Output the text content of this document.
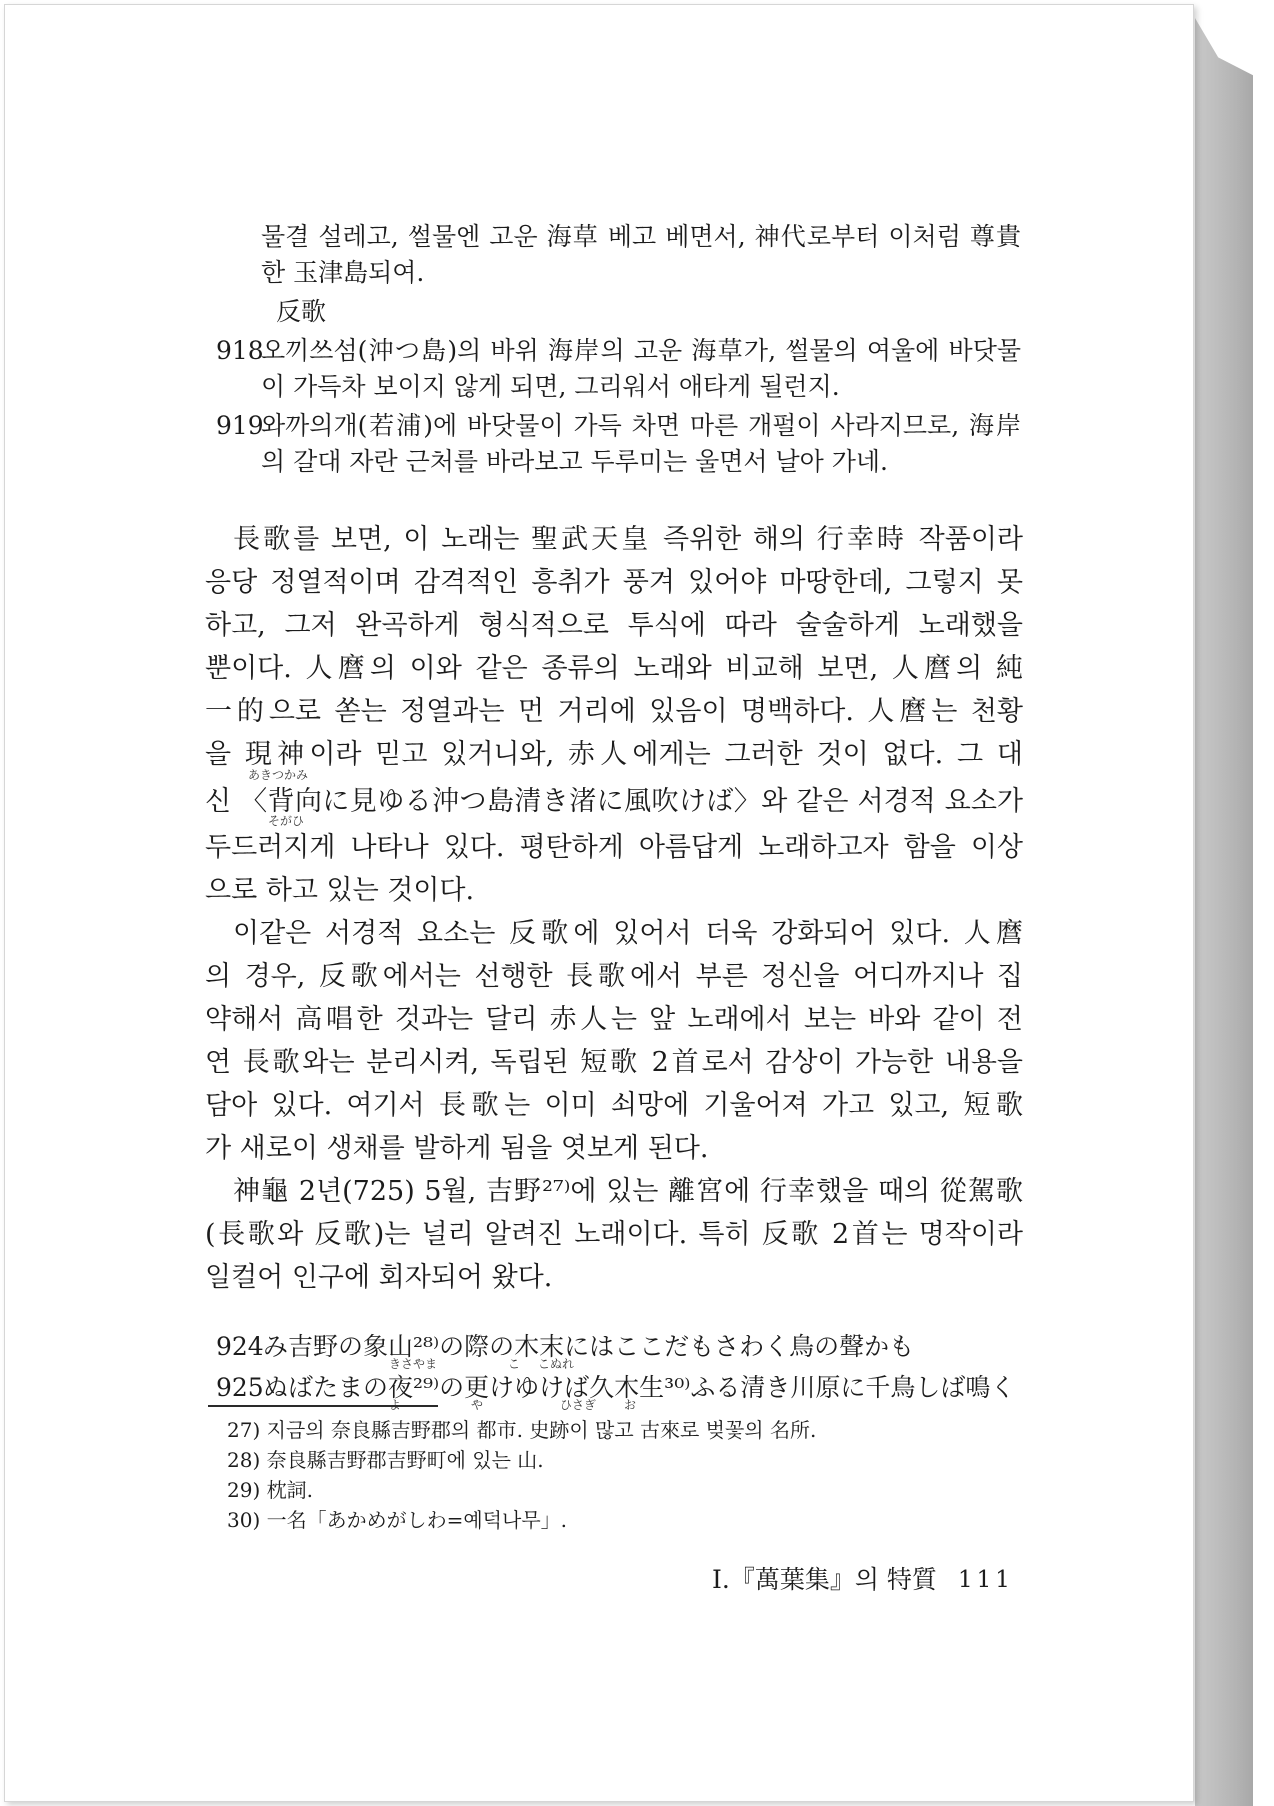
물결 설레고, 썰물엔 고운 海草 베고 베면서, 神代로부터 이처럼 尊貴
한 玉津島되여.
反歌
918
오끼쓰섬(沖つ島)의 바위 海岸의 고운 海草가, 썰물의 여울에 바닷물
이 가득차 보이지 않게 되면, 그리워서 애타게 될런지.
919
와까의개(若浦)에 바닷물이 가득 차면 마른 개펄이 사라지므로, 海岸
의 갈대 자란 근처를 바라보고 두루미는 울면서 날아 가네.
長歌를 보면, 이 노래는 聖武天皇 즉위한 해의 行幸時 작품이라
응당 정열적이며 감격적인 흥취가 풍겨 있어야 마땅한데, 그렇지 못
하고, 그저 완곡하게 형식적으로 투식에 따라 술술하게 노래했을
뿐이다. 人麿의 이와 같은 종류의 노래와 비교해 보면, 人麿의 純
一的으로 쏟는 정열과는 먼 거리에 있음이 명백하다. 人麿는 천황
을 現神이라 믿고 있거니와, 赤人에게는 그러한 것이 없다. 그 대
あきつかみ
신 〈背向に見ゆる沖つ島清き渚に風吹けば〉와 같은 서경적 요소가
そがひ
두드러지게 나타나 있다. 평탄하게 아름답게 노래하고자 함을 이상
으로 하고 있는 것이다.
이같은 서경적 요소는 反歌에 있어서 더욱 강화되어 있다. 人麿
의 경우, 反歌에서는 선행한 長歌에서 부른 정신을 어디까지나 집
약해서 高唱한 것과는 달리 赤人는 앞 노래에서 보는 바와 같이 전
연 長歌와는 분리시켜, 독립된 短歌 2首로서 감상이 가능한 내용을
담아 있다. 여기서 長歌는 이미 쇠망에 기울어져 가고 있고, 短歌
가 새로이 생채를 발하게 됨을 엿보게 된다.
神龜 2년(725) 5월, 吉野²⁷⁾에 있는 離宮에 行幸했을 때의 從駕歌
(長歌와 反歌)는 널리 알려진 노래이다. 특히 反歌 2首는 명작이라
일컬어 인구에 회자되어 왔다.
924 み吉野の象山²⁸⁾の際の木末にはここだもさわく鳥の聲かも
きさやま	こ こぬれ
925 ぬばたまの夜²⁹⁾の更けゆけば久木生³⁰⁾ふる清き川原に千鳥しば鳴く
や	ひさぎ お
27) 지금의 奈良縣吉野郡의 都市. 史跡이 많고 古來로 벚꽃의 名所.
28) 奈良縣吉野郡吉野町에 있는 山.
29) 枕詞.
30) 一名「あかめがしわ=예덕나무」.
Ⅰ.『萬葉集』의 特質 111
